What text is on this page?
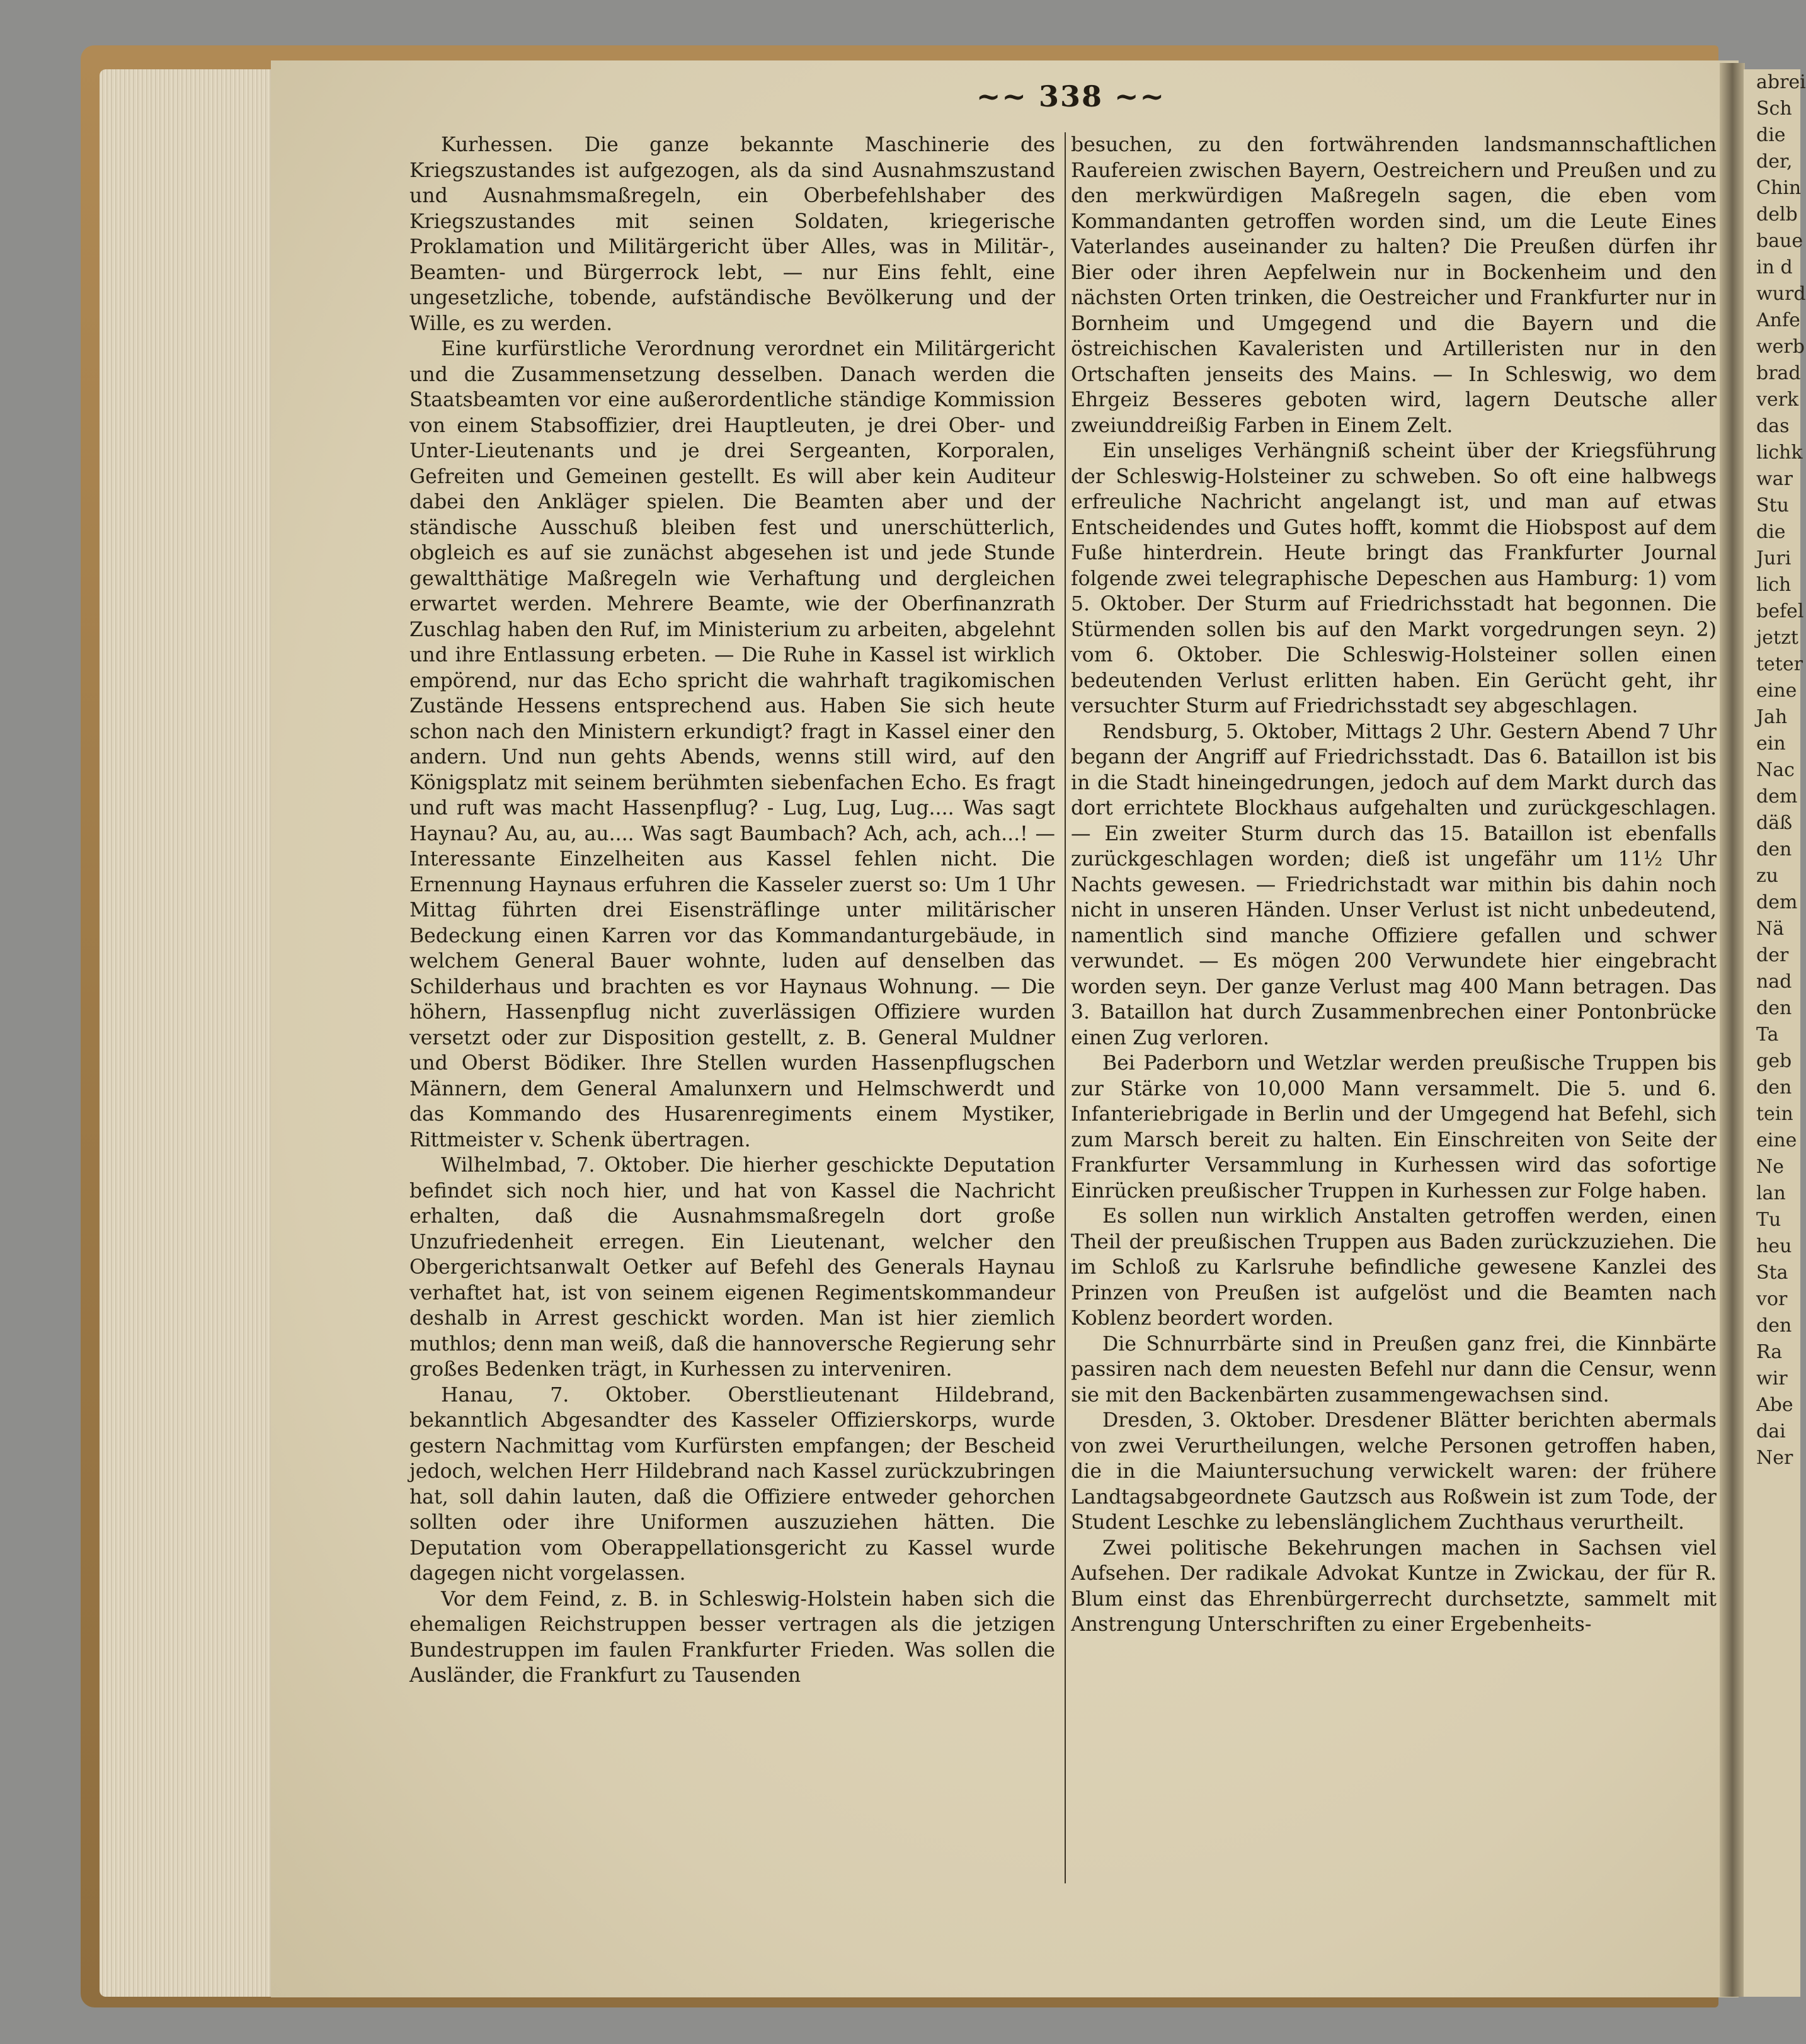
abrei
Sch
die
der,
Chin
delb
baue
in d
wurd
Anfe
werb
brad
verk
das
lichk
war
Stu
die
Juri
lich
befel
jetzt
teter
eine
Jah
ein
Nac
dem
däß
den
zu
dem
Nä
der
nad
den
Ta
geb
den
tein
eine
Ne
lan
Tu
heu
Sta
vor
den
Ra
wir
Abe
dai
Ner
~~ 338 ~~

Kurhessen. Die ganze bekannte Maschinerie des Kriegszustandes ist aufgezogen, als da sind Ausnahmszustand und Ausnahmsmaßregeln, ein Oberbefehlshaber des Kriegszustandes mit seinen Soldaten, kriegerische Proklamation und Militärgericht über Alles, was in Militär-, Beamten- und Bürgerrock lebt, — nur Eins fehlt, eine ungesetzliche, tobende, aufständische Bevölkerung und der Wille, es zu werden.

Eine kurfürstliche Verordnung verordnet ein Militärgericht und die Zusammensetzung desselben. Danach werden die Staatsbeamten vor eine außerordentliche ständige Kommission von einem Stabsoffizier, drei Hauptleuten, je drei Ober- und Unter-Lieutenants und je drei Sergeanten, Korporalen, Gefreiten und Gemeinen gestellt. Es will aber kein Auditeur dabei den Ankläger spielen. Die Beamten aber und der ständische Ausschuß bleiben fest und unerschütterlich, obgleich es auf sie zunächst abgesehen ist und jede Stunde gewaltthätige Maßregeln wie Verhaftung und dergleichen erwartet werden. Mehrere Beamte, wie der Oberfinanzrath Zuschlag haben den Ruf, im Ministerium zu arbeiten, abgelehnt und ihre Entlassung erbeten. — Die Ruhe in Kassel ist wirklich empörend, nur das Echo spricht die wahrhaft tragikomischen Zustände Hessens entsprechend aus. Haben Sie sich heute schon nach den Ministern erkundigt? fragt in Kassel einer den andern. Und nun gehts Abends, wenns still wird, auf den Königsplatz mit seinem berühmten siebenfachen Echo. Es fragt und ruft was macht Hassenpflug? - Lug, Lug, Lug.... Was sagt Haynau? Au, au, au.... Was sagt Baumbach? Ach, ach, ach...! — Interessante Einzelheiten aus Kassel fehlen nicht. Die Ernennung Haynaus erfuhren die Kasseler zuerst so: Um 1 Uhr Mittag führten drei Eisensträflinge unter militärischer Bedeckung einen Karren vor das Kommandanturgebäude, in welchem General Bauer wohnte, luden auf denselben das Schilderhaus und brachten es vor Haynaus Wohnung. — Die höhern, Hassenpflug nicht zuverlässigen Offiziere wurden versetzt oder zur Disposition gestellt, z. B. General Muldner und Oberst Bödiker. Ihre Stellen wurden Hassenpflugschen Männern, dem General Amalunxern und Helmschwerdt und das Kommando des Husarenregiments einem Mystiker, Rittmeister v. Schenk übertragen.

Wilhelmbad, 7. Oktober. Die hierher geschickte Deputation befindet sich noch hier, und hat von Kassel die Nachricht erhalten, daß die Ausnahmsmaßregeln dort große Unzufriedenheit erregen. Ein Lieutenant, welcher den Obergerichtsanwalt Oetker auf Befehl des Generals Haynau verhaftet hat, ist von seinem eigenen Regimentskommandeur deshalb in Arrest geschickt worden. Man ist hier ziemlich muthlos; denn man weiß, daß die hannoversche Regierung sehr großes Bedenken trägt, in Kurhessen zu interveniren.

Hanau, 7. Oktober. Oberstlieutenant Hildebrand, bekanntlich Abgesandter des Kasseler Offizierskorps, wurde gestern Nachmittag vom Kurfürsten empfangen; der Bescheid jedoch, welchen Herr Hildebrand nach Kassel zurückzubringen hat, soll dahin lauten, daß die Offiziere entweder gehorchen sollten oder ihre Uniformen auszuziehen hätten. Die Deputation vom Oberappellationsgericht zu Kassel wurde dagegen nicht vorgelassen.

Vor dem Feind, z. B. in Schleswig-Holstein haben sich die ehemaligen Reichstruppen besser vertragen als die jetzigen Bundestruppen im faulen Frankfurter Frieden. Was sollen die Ausländer, die Frankfurt zu Tausenden

besuchen, zu den fortwährenden landsmannschaftlichen Raufereien zwischen Bayern, Oestreichern und Preußen und zu den merkwürdigen Maßregeln sagen, die eben vom Kommandanten getroffen worden sind, um die Leute Eines Vaterlandes auseinander zu halten? Die Preußen dürfen ihr Bier oder ihren Aepfelwein nur in Bockenheim und den nächsten Orten trinken, die Oestreicher und Frankfurter nur in Bornheim und Umgegend und die Bayern und die östreichischen Kavaleristen und Artilleristen nur in den Ortschaften jenseits des Mains. — In Schleswig, wo dem Ehrgeiz Besseres geboten wird, lagern Deutsche aller zweiunddreißig Farben in Einem Zelt.

Ein unseliges Verhängniß scheint über der Kriegsführung der Schleswig-Holsteiner zu schweben. So oft eine halbwegs erfreuliche Nachricht angelangt ist, und man auf etwas Entscheidendes und Gutes hofft, kommt die Hiobspost auf dem Fuße hinterdrein. Heute bringt das Frankfurter Journal folgende zwei telegraphische Depeschen aus Hamburg: 1) vom 5. Oktober. Der Sturm auf Friedrichsstadt hat begonnen. Die Stürmenden sollen bis auf den Markt vorgedrungen seyn. 2) vom 6. Oktober. Die Schleswig-Holsteiner sollen einen bedeutenden Verlust erlitten haben. Ein Gerücht geht, ihr versuchter Sturm auf Friedrichsstadt sey abgeschlagen.

Rendsburg, 5. Oktober, Mittags 2 Uhr. Gestern Abend 7 Uhr begann der Angriff auf Friedrichsstadt. Das 6. Bataillon ist bis in die Stadt hineingedrungen, jedoch auf dem Markt durch das dort errichtete Blockhaus aufgehalten und zurückgeschlagen. — Ein zweiter Sturm durch das 15. Bataillon ist ebenfalls zurückgeschlagen worden; dieß ist ungefähr um 11½ Uhr Nachts gewesen. — Friedrichstadt war mithin bis dahin noch nicht in unseren Händen. Unser Verlust ist nicht unbedeutend, namentlich sind manche Offiziere gefallen und schwer verwundet. — Es mögen 200 Verwundete hier eingebracht worden seyn. Der ganze Verlust mag 400 Mann betragen. Das 3. Bataillon hat durch Zusammenbrechen einer Pontonbrücke einen Zug verloren.

Bei Paderborn und Wetzlar werden preußische Truppen bis zur Stärke von 10,000 Mann versammelt. Die 5. und 6. Infanteriebrigade in Berlin und der Umgegend hat Befehl, sich zum Marsch bereit zu halten. Ein Einschreiten von Seite der Frankfurter Versammlung in Kurhessen wird das sofortige Einrücken preußischer Truppen in Kurhessen zur Folge haben.

Es sollen nun wirklich Anstalten getroffen werden, einen Theil der preußischen Truppen aus Baden zurückzuziehen. Die im Schloß zu Karlsruhe befindliche gewesene Kanzlei des Prinzen von Preußen ist aufgelöst und die Beamten nach Koblenz beordert worden.

Die Schnurrbärte sind in Preußen ganz frei, die Kinnbärte passiren nach dem neuesten Befehl nur dann die Censur, wenn sie mit den Backenbärten zusammengewachsen sind.

Dresden, 3. Oktober. Dresdener Blätter berichten abermals von zwei Verurtheilungen, welche Personen getroffen haben, die in die Maiuntersuchung verwickelt waren: der frühere Landtagsabgeordnete Gautzsch aus Roßwein ist zum Tode, der Student Leschke zu lebenslänglichem Zuchthaus verurtheilt.

Zwei politische Bekehrungen machen in Sachsen viel Aufsehen. Der radikale Advokat Kuntze in Zwickau, der für R. Blum einst das Ehrenbürgerrecht durchsetzte, sammelt mit Anstrengung Unterschriften zu einer Ergebenheits-
